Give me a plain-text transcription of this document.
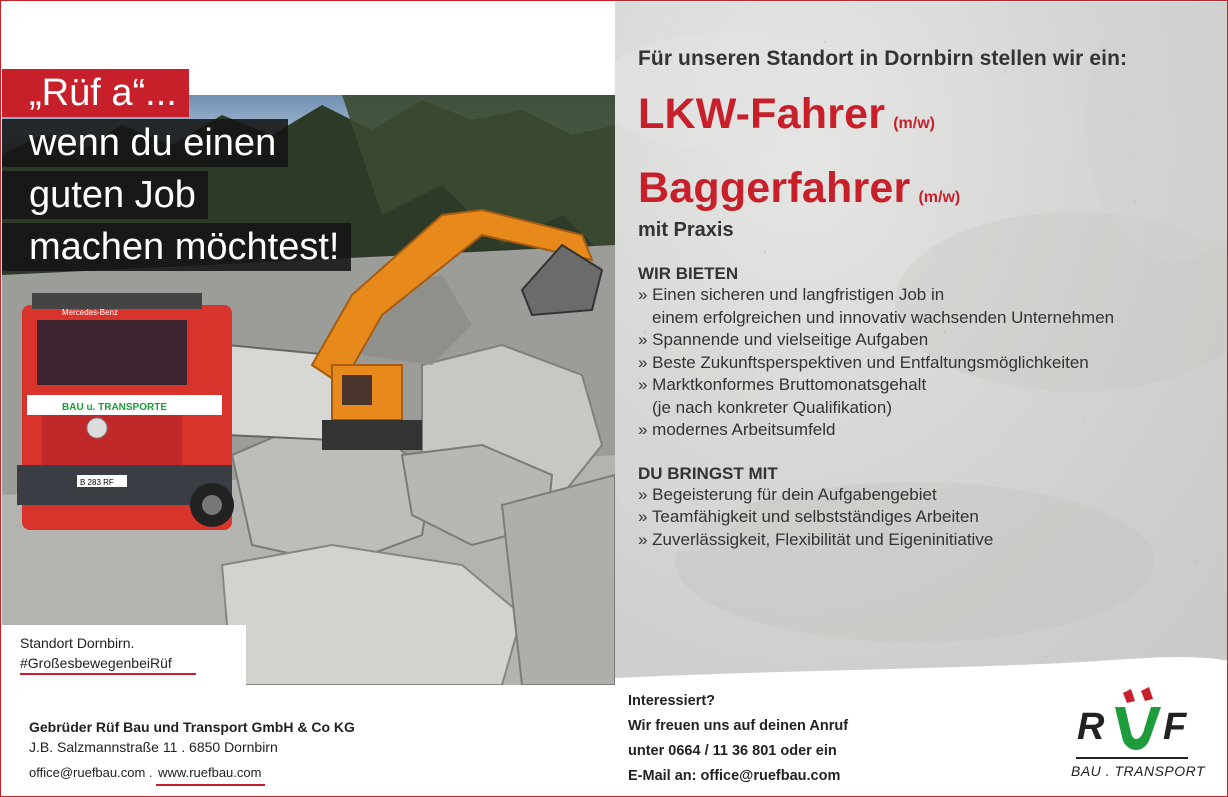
BAU u. TRANSPORTE
B 283 RF
Mercedes-Benz
„Rüf a“...
wenn du einen
guten Job
machen möchtest!
Standort Dornbirn.
#GroßesbewegenbeiRüf
Für unseren Standort in Dornbirn stellen wir ein:
LKW-Fahrer (m/w)
Baggerfahrer (m/w)
mit Praxis
WIR BIETEN
» Einen sicheren und langfristigen Job in
einem erfolgreichen und innovativ wachsenden Unternehmen
» Spannende und vielseitige Aufgaben
» Beste Zukunftsperspektiven und Entfaltungsmöglichkeiten
» Marktkonformes Bruttomonatsgehalt
(je nach konkreter Qualifikation)
» modernes Arbeitsumfeld
DU BRINGST MIT
» Begeisterung für dein Aufgabengebiet
» Teamfähigkeit und selbstständiges Arbeiten
» Zuverlässigkeit, Flexibilität und Eigeninitiative
Gebrüder Rüf Bau und Transport GmbH & Co KG
J.B. Salzmannstraße 11 . 6850 Dornbirn
office@ruefbau.com . www.ruefbau.com
Interessiert?
Wir freuen uns auf deinen Anruf
unter 0664 / 11 36 801 oder ein
E-Mail an: office@ruefbau.com
R F
BAU . TRANSPORT
